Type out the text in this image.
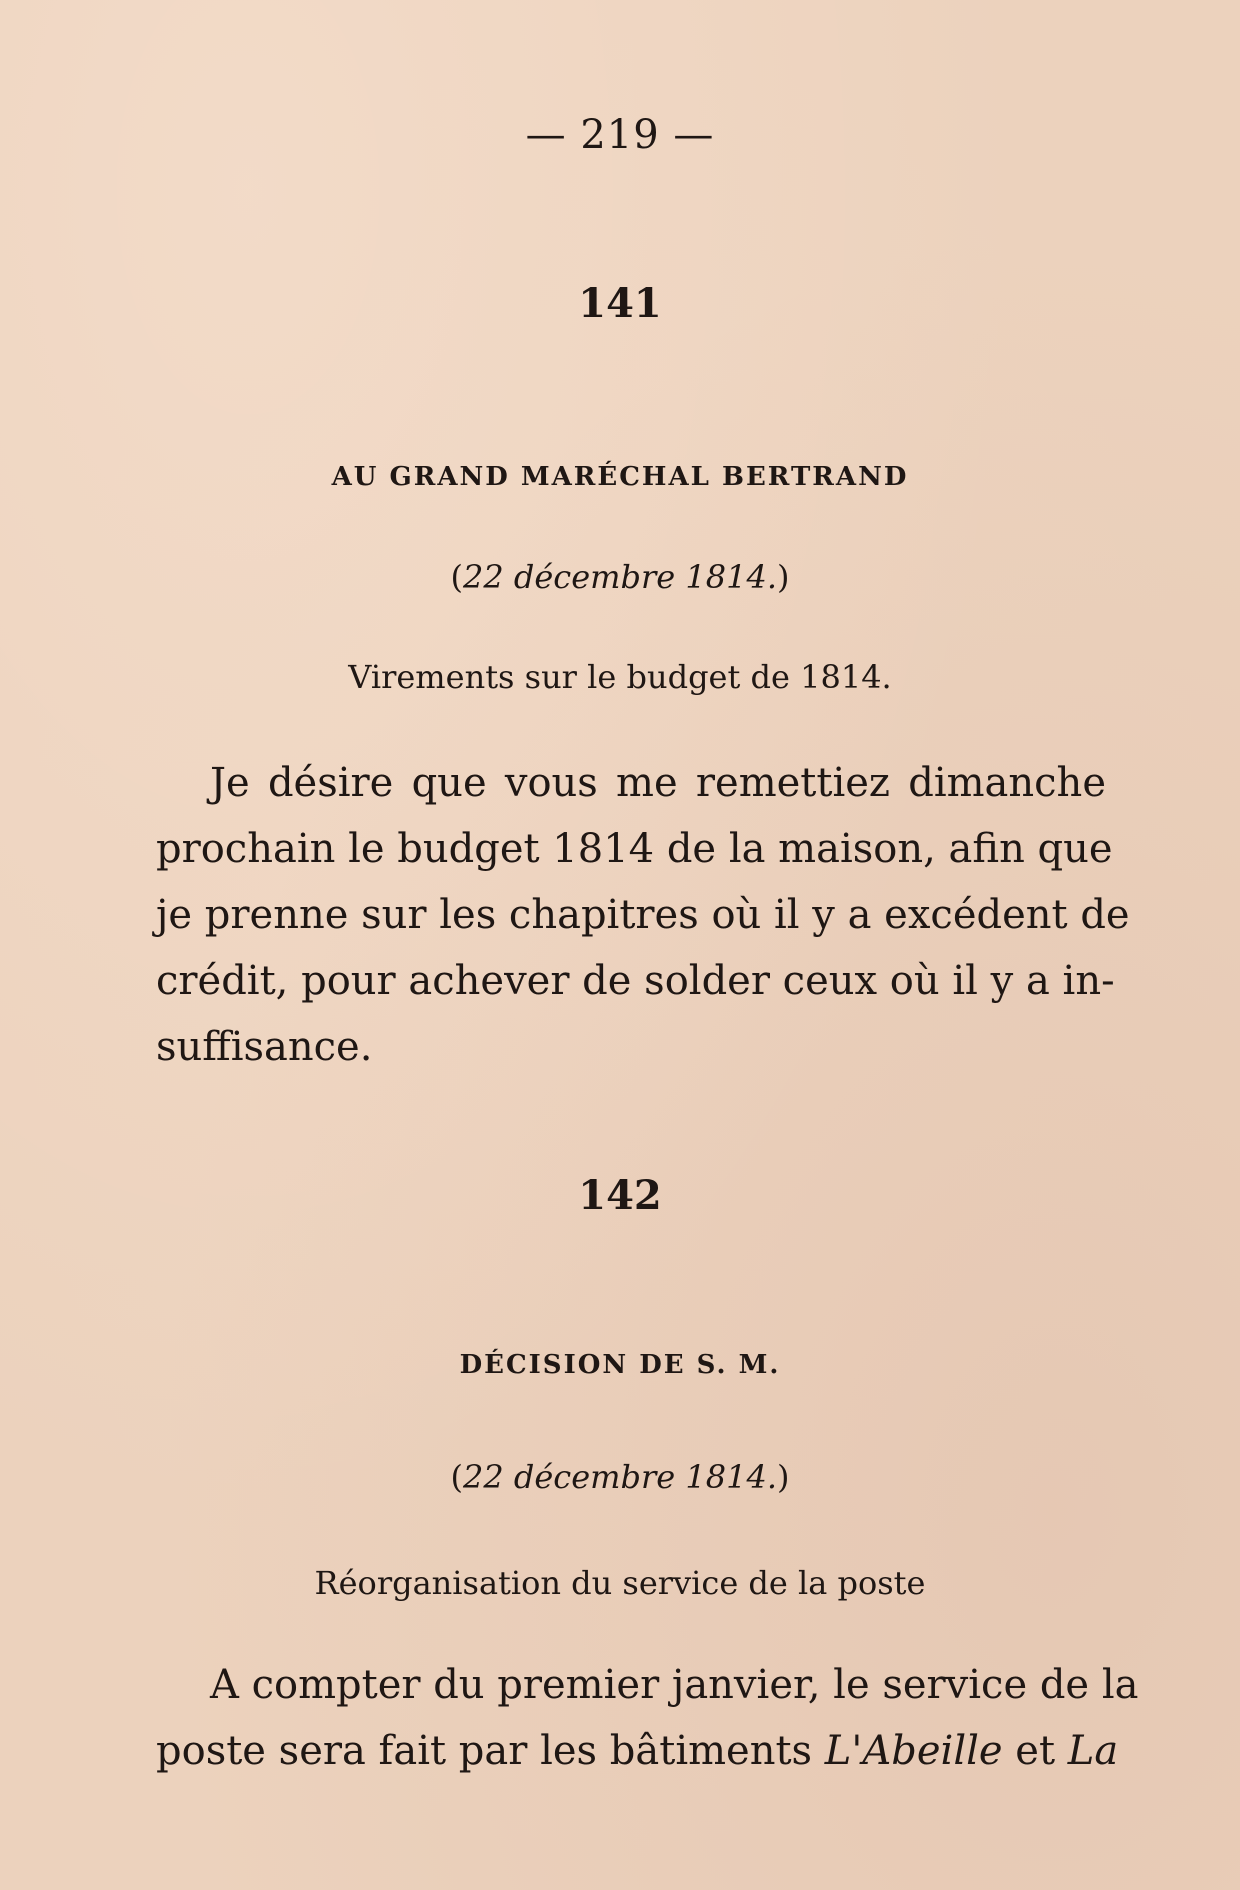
— 219 —
141
AU GRAND MARÉCHAL BERTRAND
(22 décembre 1814.)
Virements sur le budget de 1814.
Je désire que vous me remettiez dimanche
prochain le budget 1814 de la maison, afin que
je prenne sur les chapitres où il y a excédent de
crédit, pour achever de solder ceux où il y a in-
suffisance.
142
DÉCISION DE S. M.
(22 décembre 1814.)
Réorganisation du service de la poste
A compter du premier janvier, le service de la
poste sera fait par les bâtiments L'Abeille et La
